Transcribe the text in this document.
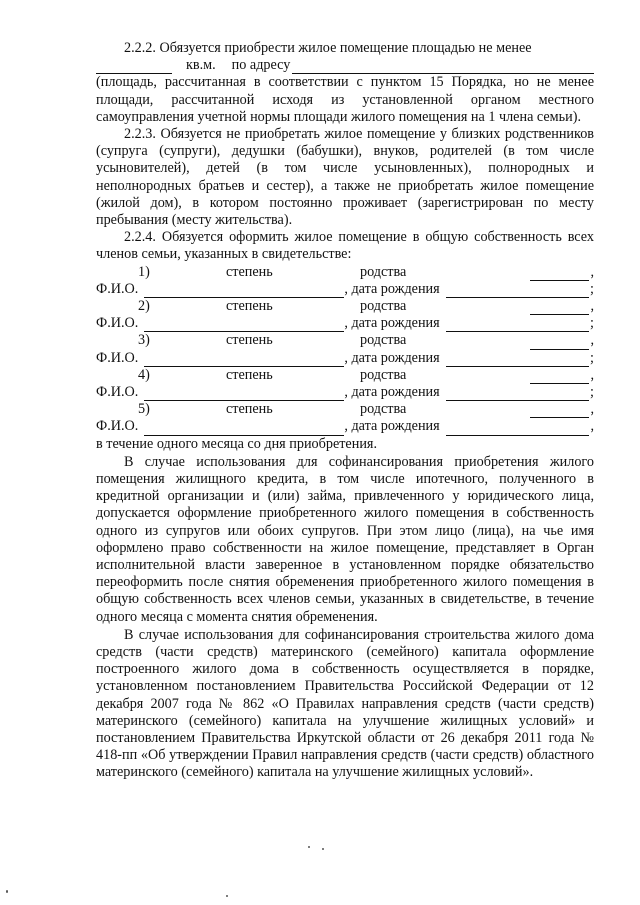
2.2.2. Обязуется приобрести жилое помещение площадью не менее

кв.м. по адресу

(площадь, рассчитанная в соответствии с пунктом 15 Порядка, но не менее площади, рассчитанной исходя из установленной органом местного самоуправления учетной нормы площади жилого помещения на 1 члена семьи).

2.2.3. Обязуется не приобретать жилое помещение у близких родственников (супруга (супруги), дедушки (бабушки), внуков, родителей (в том числе усыновителей), детей (в том числе усыновленных), полнородных и неполнородных братьев и сестер), а также не приобретать жилое помещение (жилой дом), в котором постоянно проживает (зарегистрирован по месту пребывания (месту жительства).

2.2.4. Обязуется оформить жилое помещение в общую собственность всех членов семьи, указанных в свидетельстве:

1)	степень	родства	,
Ф.И.О.	, дата рождения	;
2)	степень	родства	,
Ф.И.О.	, дата рождения	;
3)	степень	родства	,
Ф.И.О.	, дата рождения	;
4)	степень	родства	,
Ф.И.О.	, дата рождения	;
5)	степень	родства	,
Ф.И.О.	, дата рождения	,

в течение одного месяца со дня приобретения.

В случае использования для софинансирования приобретения жилого помещения жилищного кредита, в том числе ипотечного, полученного в кредитной организации и (или) займа, привлеченного у юридического лица, допускается оформление приобретенного жилого помещения в собственность одного из супругов или обоих супругов. При этом лицо (лица), на чье имя оформлено право собственности на жилое помещение, представляет в Орган исполнительной власти заверенное в установленном порядке обязательство переоформить после снятия обременения приобретенного жилого помещения в общую собственность всех членов семьи, указанных в свидетельстве, в течение одного месяца с момента снятия обременения.

В случае использования для софинансирования строительства жилого дома средств (части средств) материнского (семейного) капитала оформление построенного жилого дома в собственность осуществляется в порядке, установленном постановлением Правительства Российской Федерации от 12 декабря 2007 года № 862 «О Правилах направления средств (части средств) материнского (семейного) капитала на улучшение жилищных условий» и постановлением Правительства Иркутской области от 26 декабря 2011 года № 418-пп «Об утверждении Правил направления средств (части средств) областного материнского (семейного) капитала на улучшение жилищных условий».
